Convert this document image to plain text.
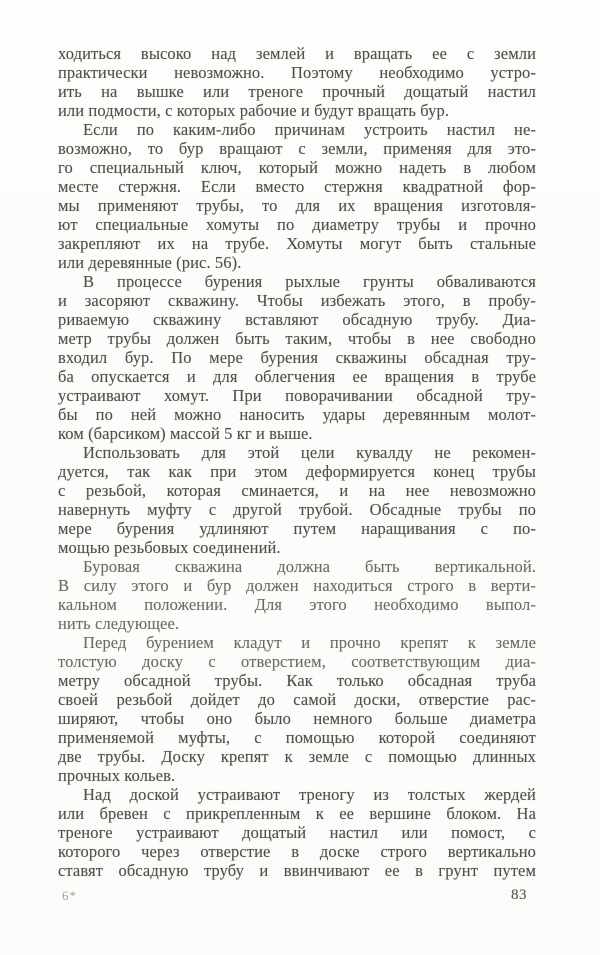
ходиться высоко над землей и вращать ее с земли
практически невозможно. Поэтому необходимо устро-
ить на вышке или треноге прочный дощатый настил
или подмости, с которых рабочие и будут вращать бур.
Если по каким-либо причинам устроить настил не-
возможно, то бур вращают с земли, применяя для это-
го специальный ключ, который можно надеть в любом
месте стержня. Если вместо стержня квадратной фор-
мы применяют трубы, то для их вращения изготовля-
ют специальные хомуты по диаметру трубы и прочно
закрепляют их на трубе. Хомуты могут быть стальные
или деревянные (рис. 56).
В процессе бурения рыхлые грунты обваливаются
и засоряют скважину. Чтобы избежать этого, в пробу-
риваемую скважину вставляют обсадную трубу. Диа-
метр трубы должен быть таким, чтобы в нее свободно
входил бур. По мере бурения скважины обсадная тру-
ба опускается и для облегчения ее вращения в трубе
устраивают хомут. При поворачивании обсадной тру-
бы по ней можно наносить удары деревянным молот-
ком (барсиком) массой 5 кг и выше.
Использовать для этой цели кувалду не рекомен-
дуется, так как при этом деформируется конец трубы
с резьбой, которая сминается, и на нее невозможно
навернуть муфту с другой трубой. Обсадные трубы по
мере бурения удлиняют путем наращивания с по-
мощью резьбовых соединений.
Буровая скважина должна быть вертикальной.
В силу этого и бур должен находиться строго в верти-
кальном положении. Для этого необходимо выпол-
нить следующее.
Перед бурением кладут и прочно крепят к земле
толстую доску с отверстием, соответствующим диа-
метру обсадной трубы. Как только обсадная труба
своей резьбой дойдет до самой доски, отверстие рас-
ширяют, чтобы оно было немного больше диаметра
применяемой муфты, с помощью которой соединяют
две трубы. Доску крепят к земле с помощью длинных
прочных кольев.
Над доской устраивают треногу из толстых жердей
или бревен с прикрепленным к ее вершине блоком. На
треноге устраивают дощатый настил или помост, с
которого через отверстие в доске строго вертикально
ставят обсадную трубу и ввинчивают ее в грунт путем
6*	83
